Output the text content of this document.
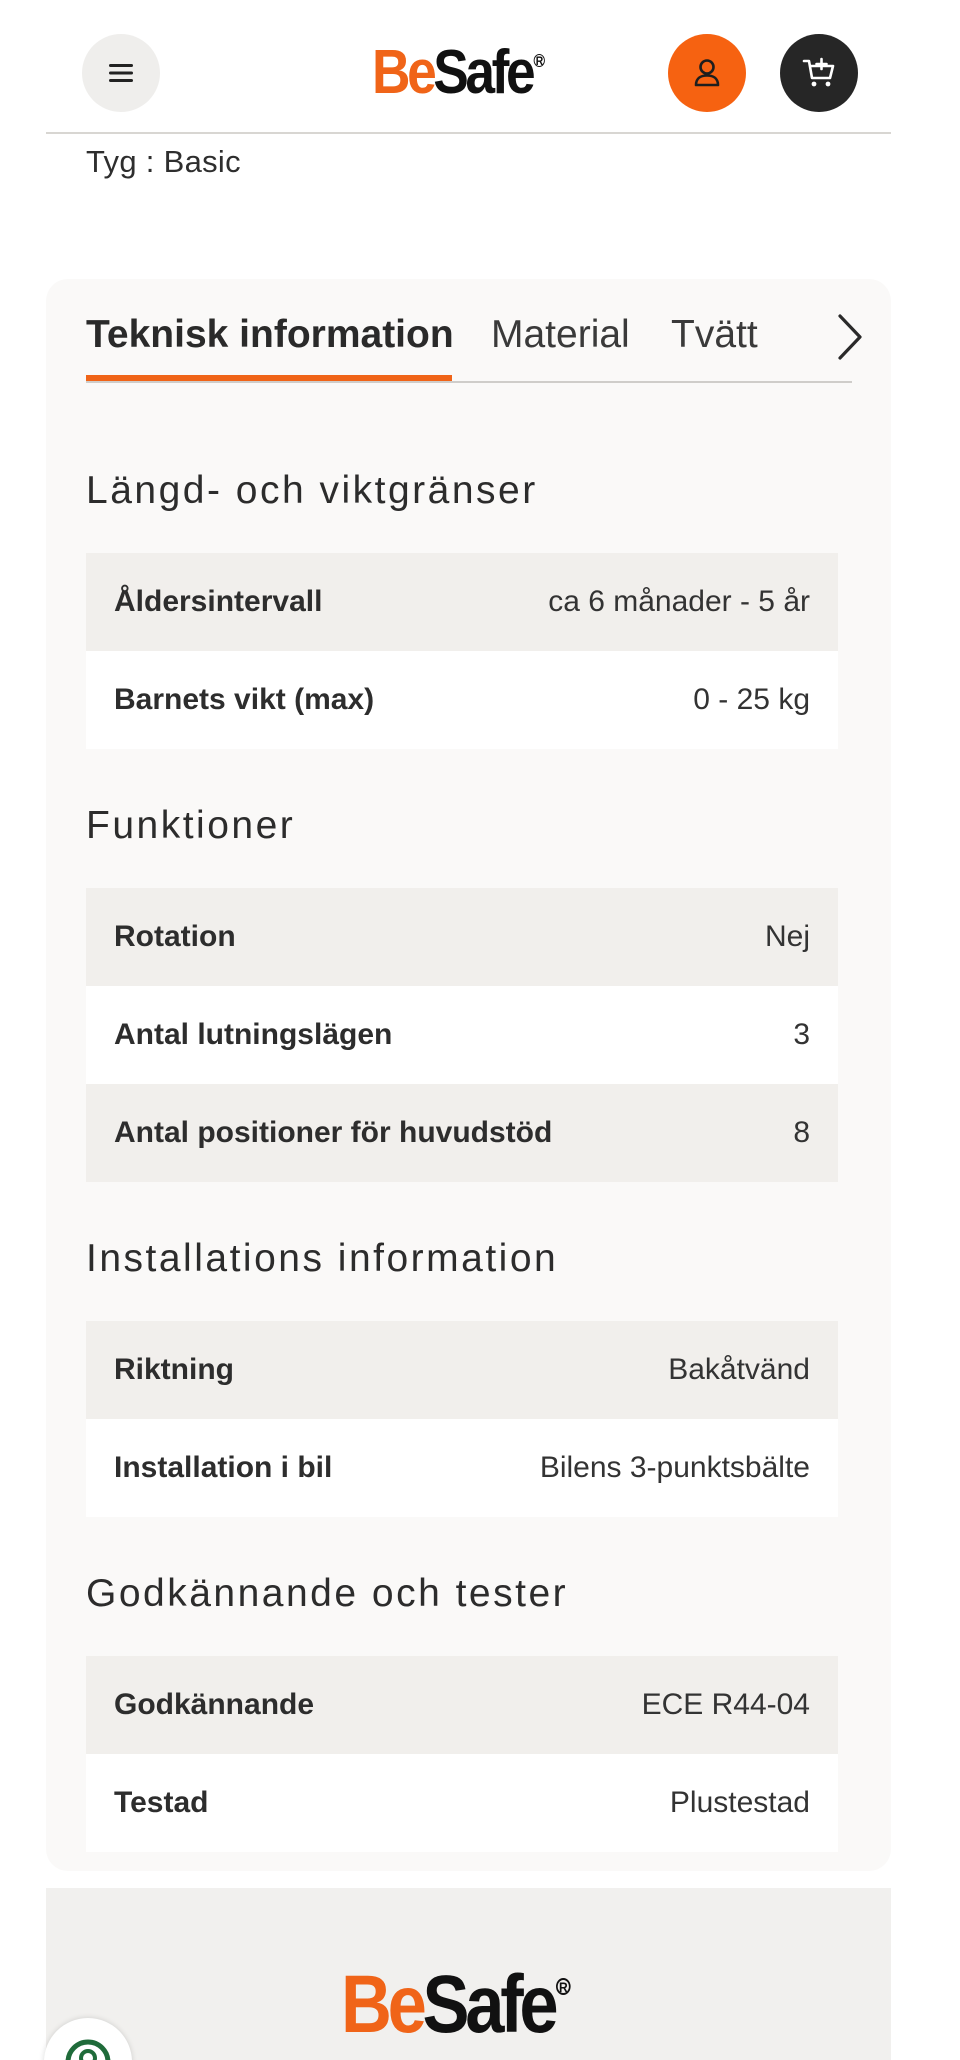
Be Safe R
Tyg : Basic
Teknisk information Material Tvätt
Längd- och viktgränser
Åldersintervall	ca 6 månader - 5 år
Barnets vikt (max)	0 - 25 kg
Funktioner
Rotation	Nej
Antal lutningslägen	3
Antal positioner för huvudstöd	8
Installations information
Riktning	Bakåtvänd
Installation i bil	Bilens 3-punktsbälte
Godkännande och tester
Godkännande	ECE R44-04
Testad	Plustestad
Be Safe R
